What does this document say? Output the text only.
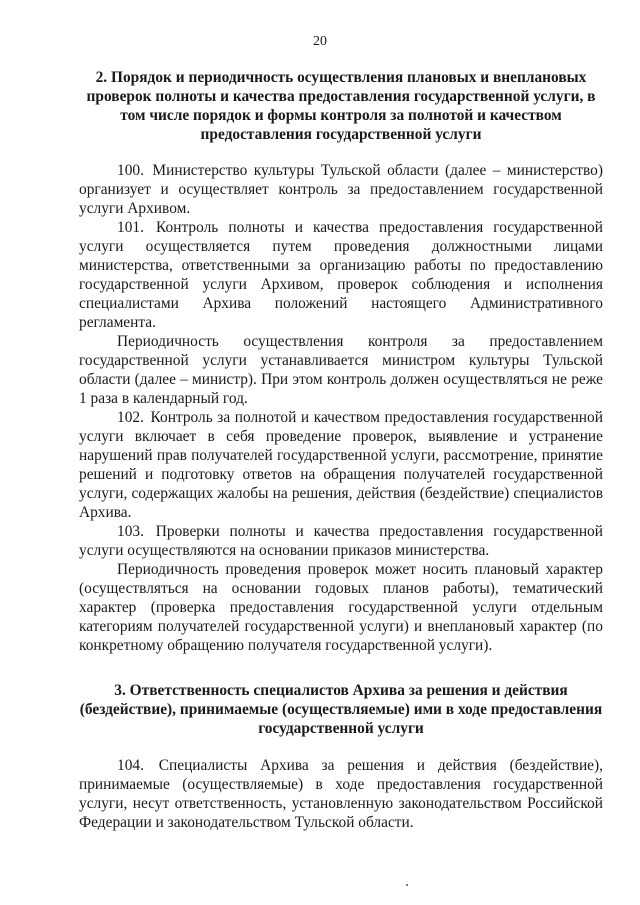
20
2. Порядок и периодичность осуществления плановых и внеплановых проверок полноты и качества предоставления государственной услуги, в том числе порядок и формы контроля за полнотой и качеством предоставления государственной услуги

100. Министерство культуры Тульской области (далее – министерство) организует и осуществляет контроль за предоставлением государственной услуги Архивом.

101. Контроль полноты и качества предоставления государственной услуги осуществляется путем проведения должностными лицами министерства, ответственными за организацию работы по предоставлению государственной услуги Архивом, проверок соблюдения и исполнения специалистами Архива положений настоящего Административного регламента.

Периодичность осуществления контроля за предоставлением государственной услуги устанавливается министром культуры Тульской области (далее – министр). При этом контроль должен осуществляться не реже 1 раза в календарный год.

102. Контроль за полнотой и качеством предоставления государственной услуги включает в себя проведение проверок, выявление и устранение нарушений прав получателей государственной услуги, рассмотрение, принятие решений и подготовку ответов на обращения получателей государственной услуги, содержащих жалобы на решения, действия (бездействие) специалистов Архива.

103. Проверки полноты и качества предоставления государственной услуги осуществляются на основании приказов министерства.

Периодичность проведения проверок может носить плановый характер (осуществляться на основании годовых планов работы), тематический характер (проверка предоставления государственной услуги отдельным категориям получателей государственной услуги) и внеплановый характер (по конкретному обращению получателя государственной услуги).

3. Ответственность специалистов Архива за решения и действия (бездействие), принимаемые (осуществляемые) ими в ходе предоставления государственной услуги

104. Специалисты Архива за решения и действия (бездействие), принимаемые (осуществляемые) в ходе предоставления государственной услуги, несут ответственность, установленную законодательством Российской Федерации и законодательством Тульской области.
